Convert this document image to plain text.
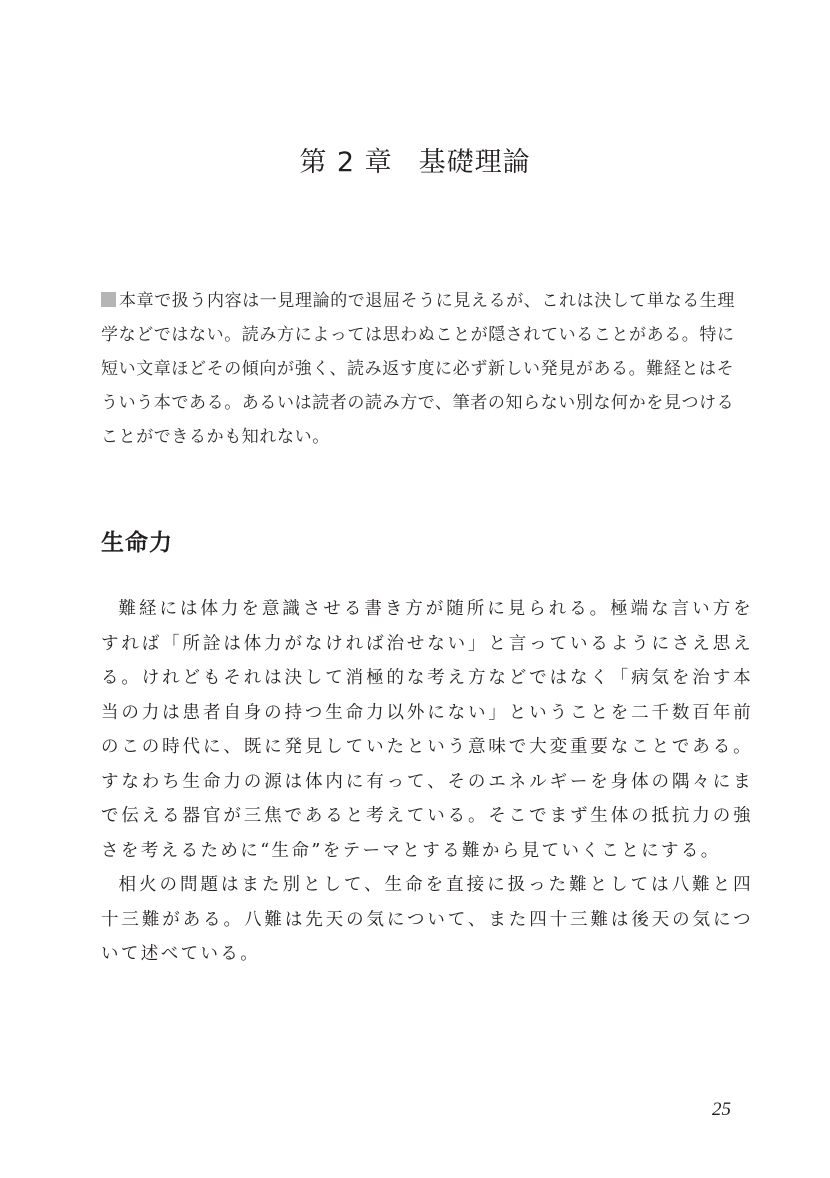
第 2 章 基礎理論
本章で扱う内容は一見理論的で退屈そうに見えるが、これは決して単なる生理学などではない。読み方によっては思わぬことが隠されていることがある。特に短い文章ほどその傾向が強く、読み返す度に必ず新しい発見がある。難経とはそういう本である。あるいは読者の読み方で、筆者の知らない別な何かを見つけることができるかも知れない。
生命力

難経には体力を意識させる書き方が随所に見られる。極端な言い方をすれば「所詮は体力がなければ治せない」と言っているようにさえ思える。けれどもそれは決して消極的な考え方などではなく「病気を治す本当の力は患者自身の持つ生命力以外にない」ということを二千数百年前のこの時代に、既に発見していたという意味で大変重要なことである。すなわち生命力の源は体内に有って、そのエネルギーを身体の隅々にまで伝える器官が三焦であると考えている。そこでまず生体の抵抗力の強さを考えるために“生命”をテーマとする難から見ていくことにする。

相火の問題はまた別として、生命を直接に扱った難としては八難と四十三難がある。八難は先天の気について、また四十三難は後天の気について述べている。

25
